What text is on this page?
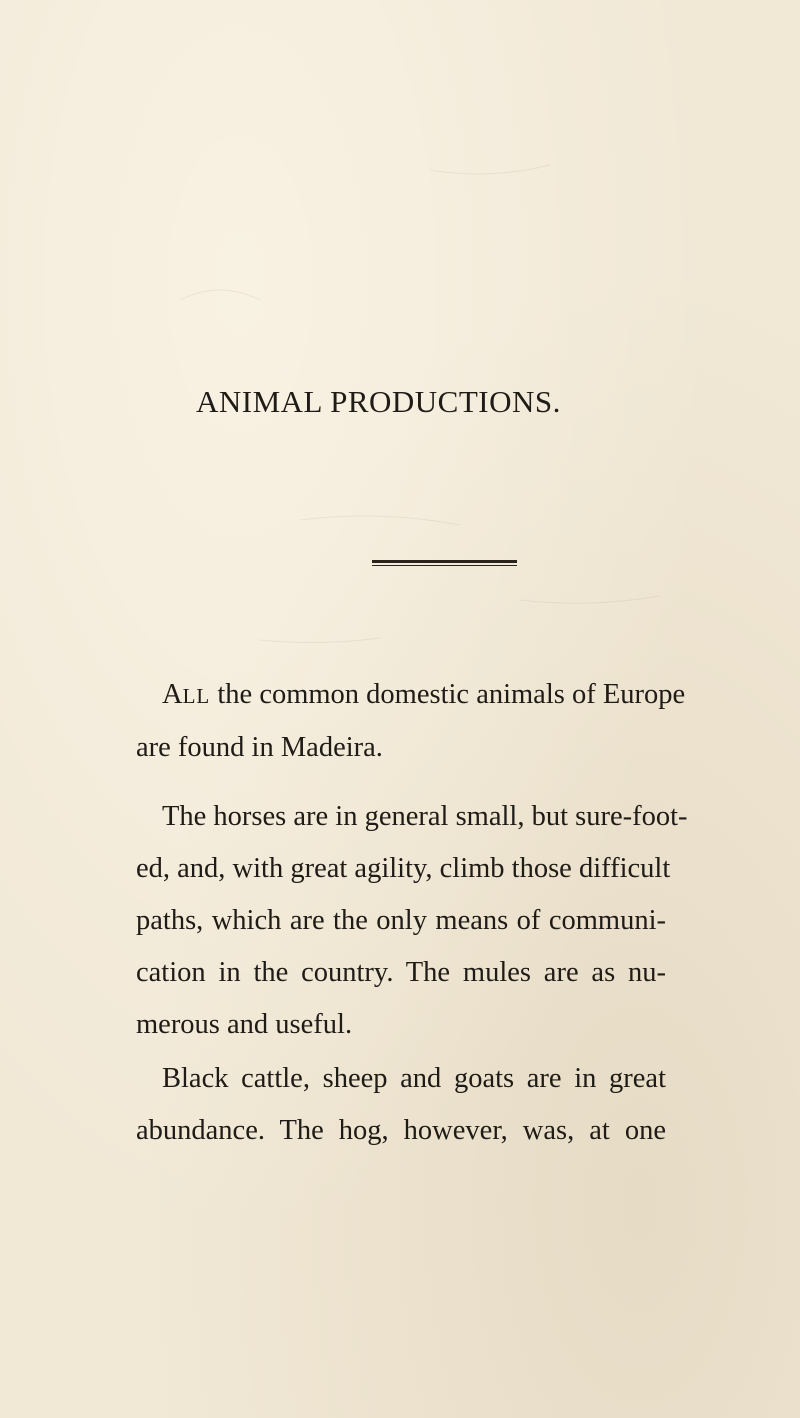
ANIMAL PRODUCTIONS.
ALL the common domestic animals of Europe
are found in Madeira.
The horses are in general small, but sure-foot-
ed, and, with great agility, climb those difficult
paths, which are the only means of communi-
cation in the country. The mules are as nu-
merous and useful.
Black cattle, sheep and goats are in great
abundance. The hog, however, was, at one
